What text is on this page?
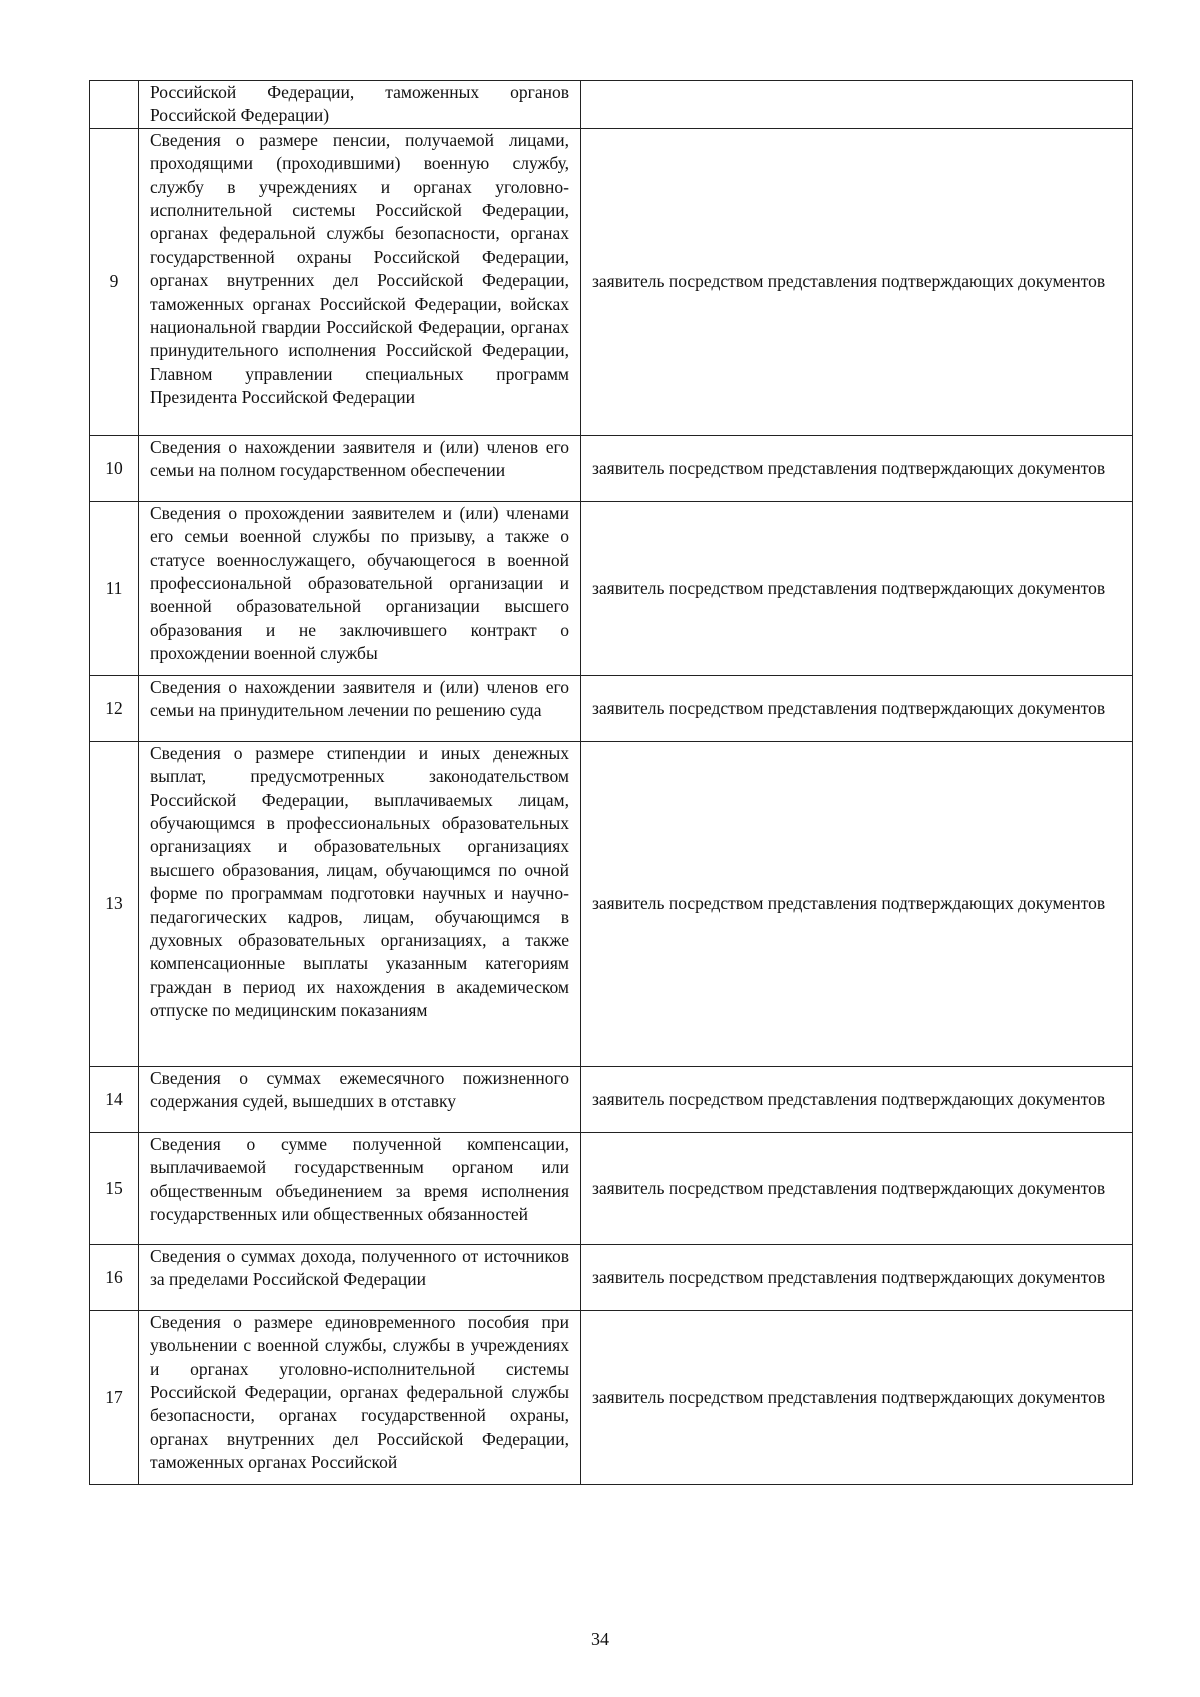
	Российской Федерации, таможенных органов Российской Федерации)	
9	Сведения о размере пенсии, получаемой лицами, проходящими (проходившими) военную службу, службу в учреждениях и органах уголовно-исполнительной системы Российской Федерации, органах федеральной службы безопасности, органах государственной охраны Российской Федерации, органах внутренних дел Российской Федерации, таможенных органах Российской Федерации, войсках национальной гвардии Российской Федерации, органах принудительного исполнения Российской Федерации, Главном управлении специальных программ Президента Российской Федерации	заявитель посредством представления подтверждающих документов
10	Сведения о нахождении заявителя и (или) членов его семьи на полном государственном обеспечении	заявитель посредством представления подтверждающих документов
11	Сведения о прохождении заявителем и (или) членами его семьи военной службы по призыву, а также о статусе военнослужащего, обучающегося в военной профессиональной образовательной организации и военной образовательной организации высшего образования и не заключившего контракт о прохождении военной службы	заявитель посредством представления подтверждающих документов
12	Сведения о нахождении заявителя и (или) членов его семьи на принудительном лечении по решению суда	заявитель посредством представления подтверждающих документов
13	Сведения о размере стипендии и иных денежных выплат, предусмотренных законодательством Российской Федерации, выплачиваемых лицам, обучающимся в профессиональных образовательных организациях и образовательных организациях высшего образования, лицам, обучающимся по очной форме по программам подготовки научных и научно-педагогических кадров, лицам, обучающимся в духовных образовательных организациях, а также компенсационные выплаты указанным категориям граждан в период их нахождения в академическом отпуске по медицинским показаниям	заявитель посредством представления подтверждающих документов
14	Сведения о суммах ежемесячного пожизненного содержания судей, вышедших в отставку	заявитель посредством представления подтверждающих документов
15	Сведения о сумме полученной компенсации, выплачиваемой государственным органом или общественным объединением за время исполнения государственных или общественных обязанностей	заявитель посредством представления подтверждающих документов
16	Сведения о суммах дохода, полученного от источников за пределами Российской Федерации	заявитель посредством представления подтверждающих документов
17	Сведения о размере единовременного пособия при увольнении с военной службы, службы в учреждениях и органах уголовно-исполнительной системы Российской Федерации, органах федеральной службы безопасности, органах государственной охраны, органах внутренних дел Российской Федерации, таможенных органах Российской	заявитель посредством представления подтверждающих документов
34
